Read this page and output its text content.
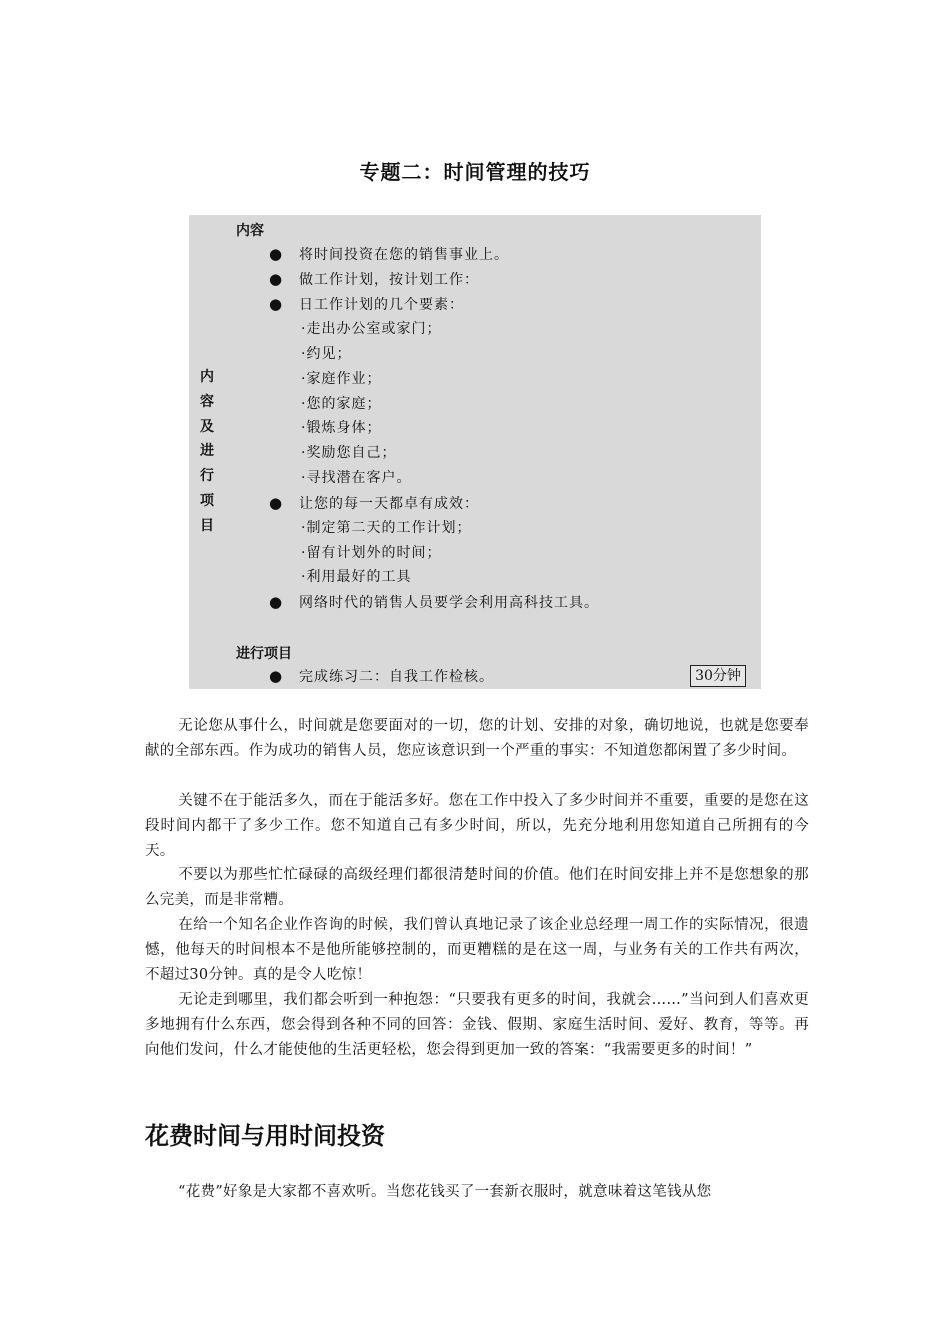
专题二：时间管理的技巧
内
容
及
进
行
项
目
内容
● 将时间投资在您的销售事业上。
● 做工作计划，按计划工作：
● 日工作计划的几个要素：
·走出办公室或家门；
·约见；
·家庭作业；
·您的家庭；
·锻炼身体；
·奖励您自己；
·寻找潜在客户。
● 让您的每一天都卓有成效：
·制定第二天的工作计划；
·留有计划外的时间；
·利用最好的工具
● 网络时代的销售人员要学会利用高科技工具。
进行项目
● 完成练习二：自我工作检核。	30分钟

无论您从事什么，时间就是您要面对的一切，您的计划、安排的对象，确切地说，也就是您要奉献的全部东西。作为成功的销售人员，您应该意识到一个严重的事实：不知道您都闲置了多少时间。

关键不在于能活多久，而在于能活多好。您在工作中投入了多少时间并不重要，重要的是您在这段时间内都干了多少工作。您不知道自己有多少时间，所以，先充分地利用您知道自己所拥有的今天。

不要以为那些忙忙碌碌的高级经理们都很清楚时间的价值。他们在时间安排上并不是您想象的那么完美，而是非常糟。

在给一个知名企业作咨询的时候，我们曾认真地记录了该企业总经理一周工作的实际情况，很遗憾，他每天的时间根本不是他所能够控制的，而更糟糕的是在这一周，与业务有关的工作共有两次，不超过30分钟。真的是令人吃惊！

无论走到哪里，我们都会听到一种抱怨：“只要我有更多的时间，我就会……”当问到人们喜欢更多地拥有什么东西，您会得到各种不同的回答：金钱、假期、家庭生活时间、爱好、教育，等等。再向他们发问，什么才能使他的生活更轻松，您会得到更加一致的答案：“我需要更多的时间！”

花费时间与用时间投资

“花费”好象是大家都不喜欢听。当您花钱买了一套新衣服时，就意味着这笔钱从您
